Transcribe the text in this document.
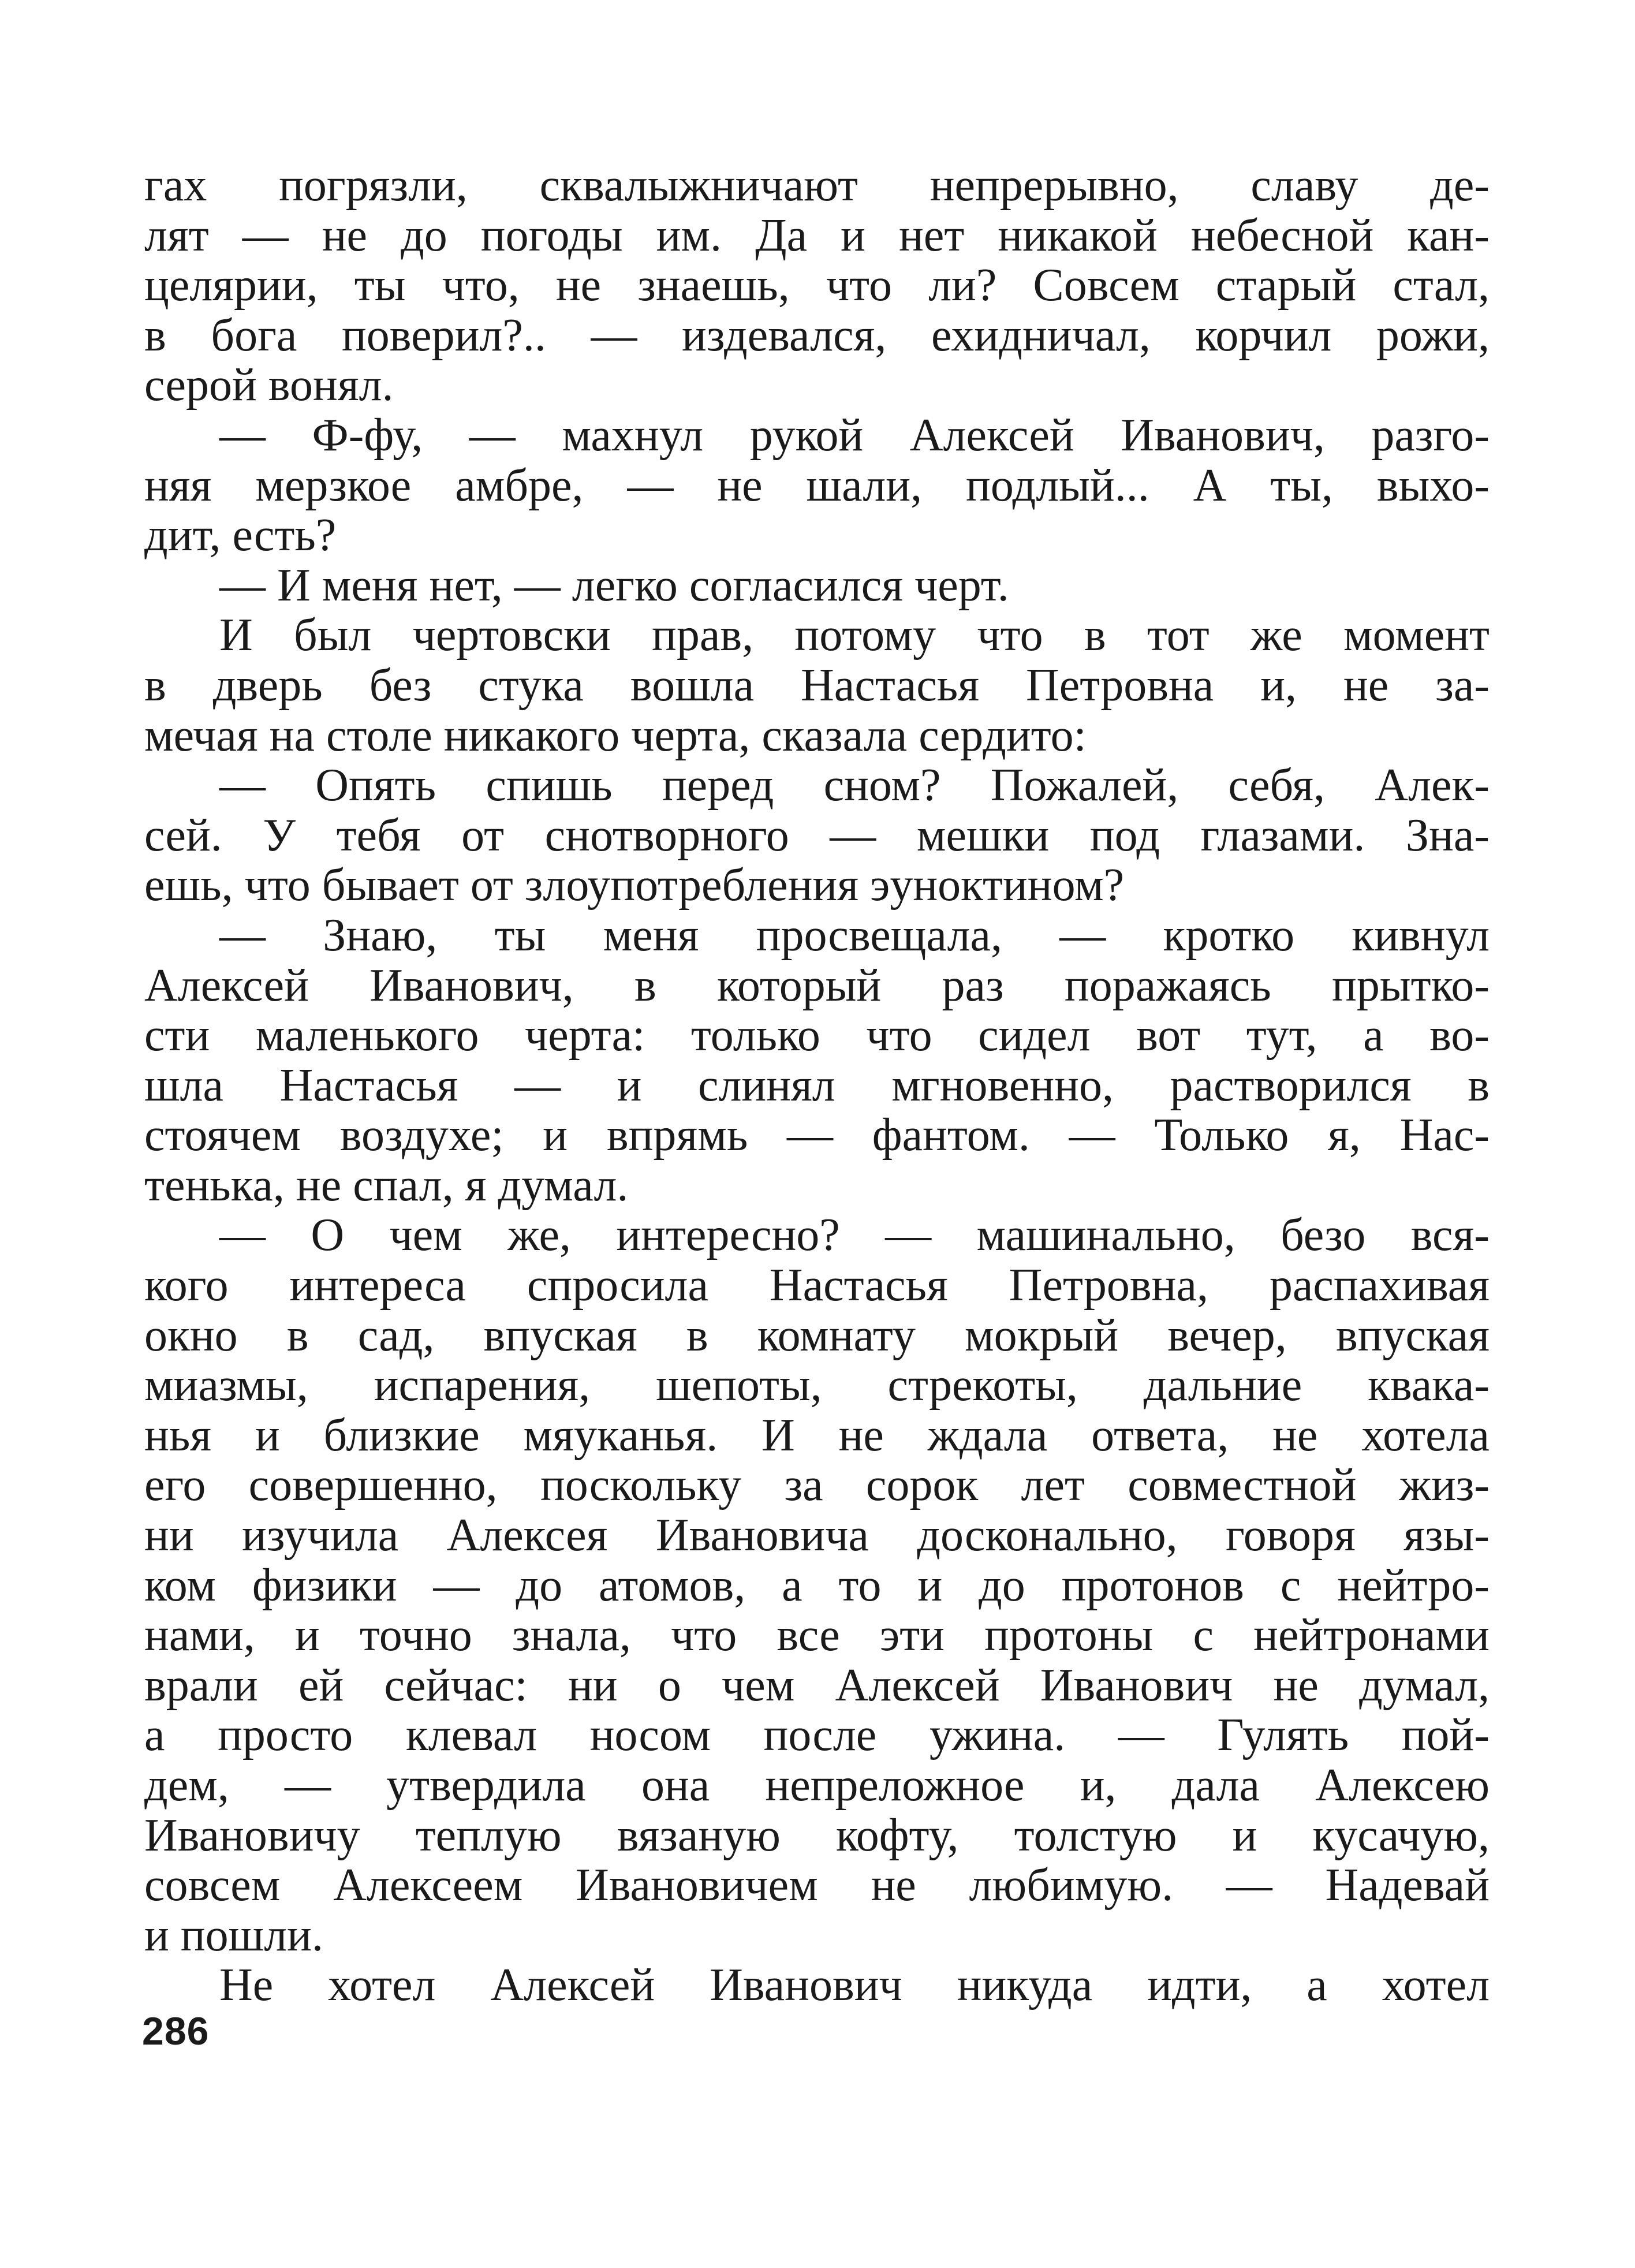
гах погрязли, сквалыжничают непрерывно, славу де-
лят — не до погоды им. Да и нет никакой небесной кан-
целярии, ты что, не знаешь, что ли? Совсем старый стал,
в бога поверил?.. — издевался, ехидничал, корчил рожи,
серой вонял.
— Ф-фу, — махнул рукой Алексей Иванович, разго-
няя мерзкое амбре, — не шали, подлый... А ты, выхо-
дит, есть?
— И меня нет, — легко согласился черт.
И был чертовски прав, потому что в тот же момент
в дверь без стука вошла Настасья Петровна и, не за-
мечая на столе никакого черта, сказала сердито:
— Опять спишь перед сном? Пожалей, себя, Алек-
сей. У тебя от снотворного — мешки под глазами. Зна-
ешь, что бывает от злоупотребления эуноктином?
— Знаю, ты меня просвещала, — кротко кивнул
Алексей Иванович, в который раз поражаясь прытко-
сти маленького черта: только что сидел вот тут, а во-
шла Настасья — и слинял мгновенно, растворился в
стоячем воздухе; и впрямь — фантом. — Только я, Нас-
тенька, не спал, я думал.
— О чем же, интересно? — машинально, безо вся-
кого интереса спросила Настасья Петровна, распахивая
окно в сад, впуская в комнату мокрый вечер, впуская
миазмы, испарения, шепоты, стрекоты, дальние квака-
нья и близкие мяуканья. И не ждала ответа, не хотела
его совершенно, поскольку за сорок лет совместной жиз-
ни изучила Алексея Ивановича досконально, говоря язы-
ком физики — до атомов, а то и до протонов с нейтро-
нами, и точно знала, что все эти протоны с нейтронами
врали ей сейчас: ни о чем Алексей Иванович не думал,
а просто клевал носом после ужина. — Гулять пой-
дем, — утвердила она непреложное и, дала Алексею
Ивановичу теплую вязаную кофту, толстую и кусачую,
совсем Алексеем Ивановичем не любимую. — Надевай
и пошли.
Не хотел Алексей Иванович никуда идти, а хотел
286
